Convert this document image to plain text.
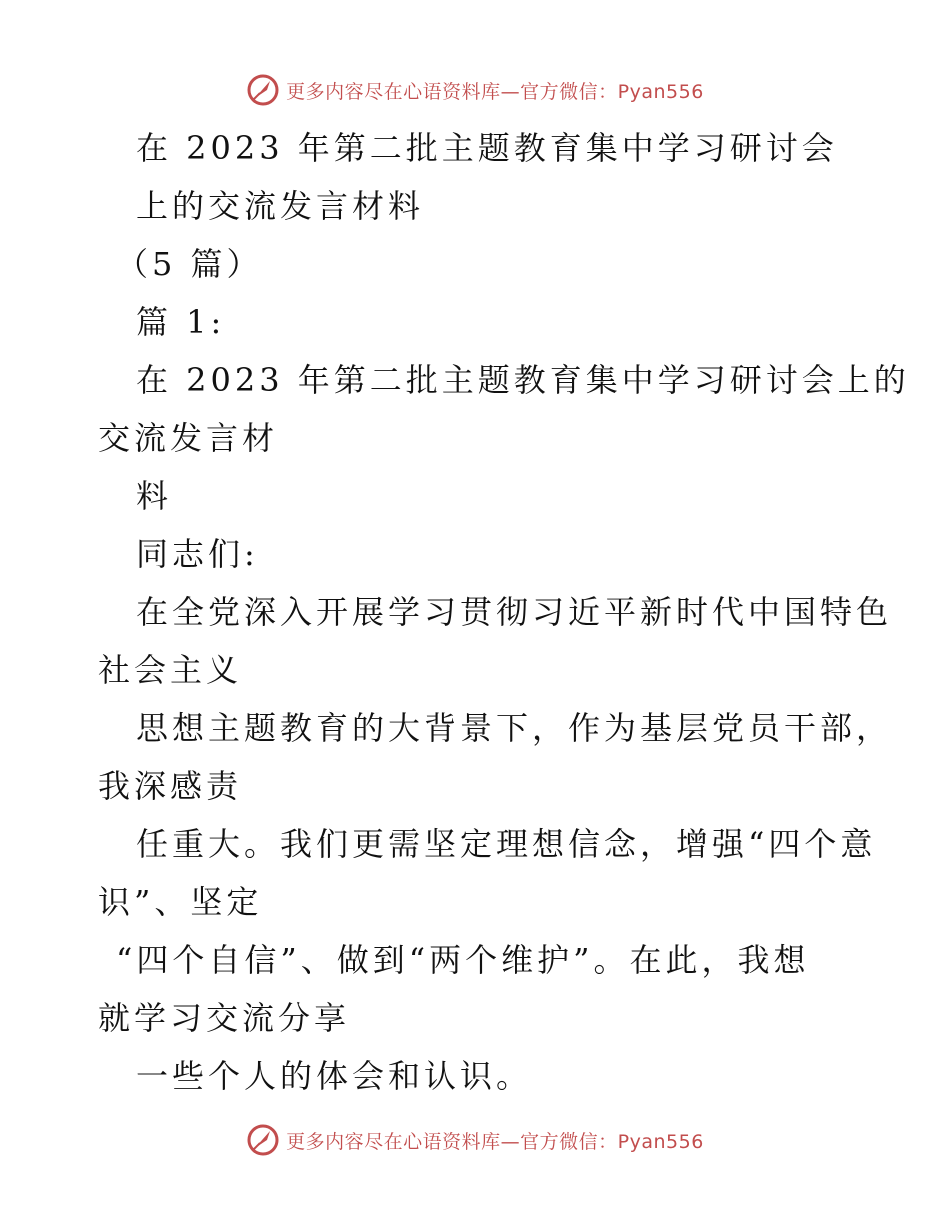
更多内容尽在心语资料库—官方微信：Pyan556
在 2023 年第二批主题教育集中学习研讨会
上的交流发言材料
（5 篇）
篇 1:
在 2023 年第二批主题教育集中学习研讨会上的
交流发言材
料
同志们:
在全党深入开展学习贯彻习近平新时代中国特色
社会主义
思想主题教育的大背景下，作为基层党员干部，
我深感责
任重大。我们更需坚定理想信念，增强“四个意
识”、坚定
“四个自信”、做到“两个维护”。在此，我想
就学习交流分享
一些个人的体会和认识。
更多内容尽在心语资料库—官方微信：Pyan556
